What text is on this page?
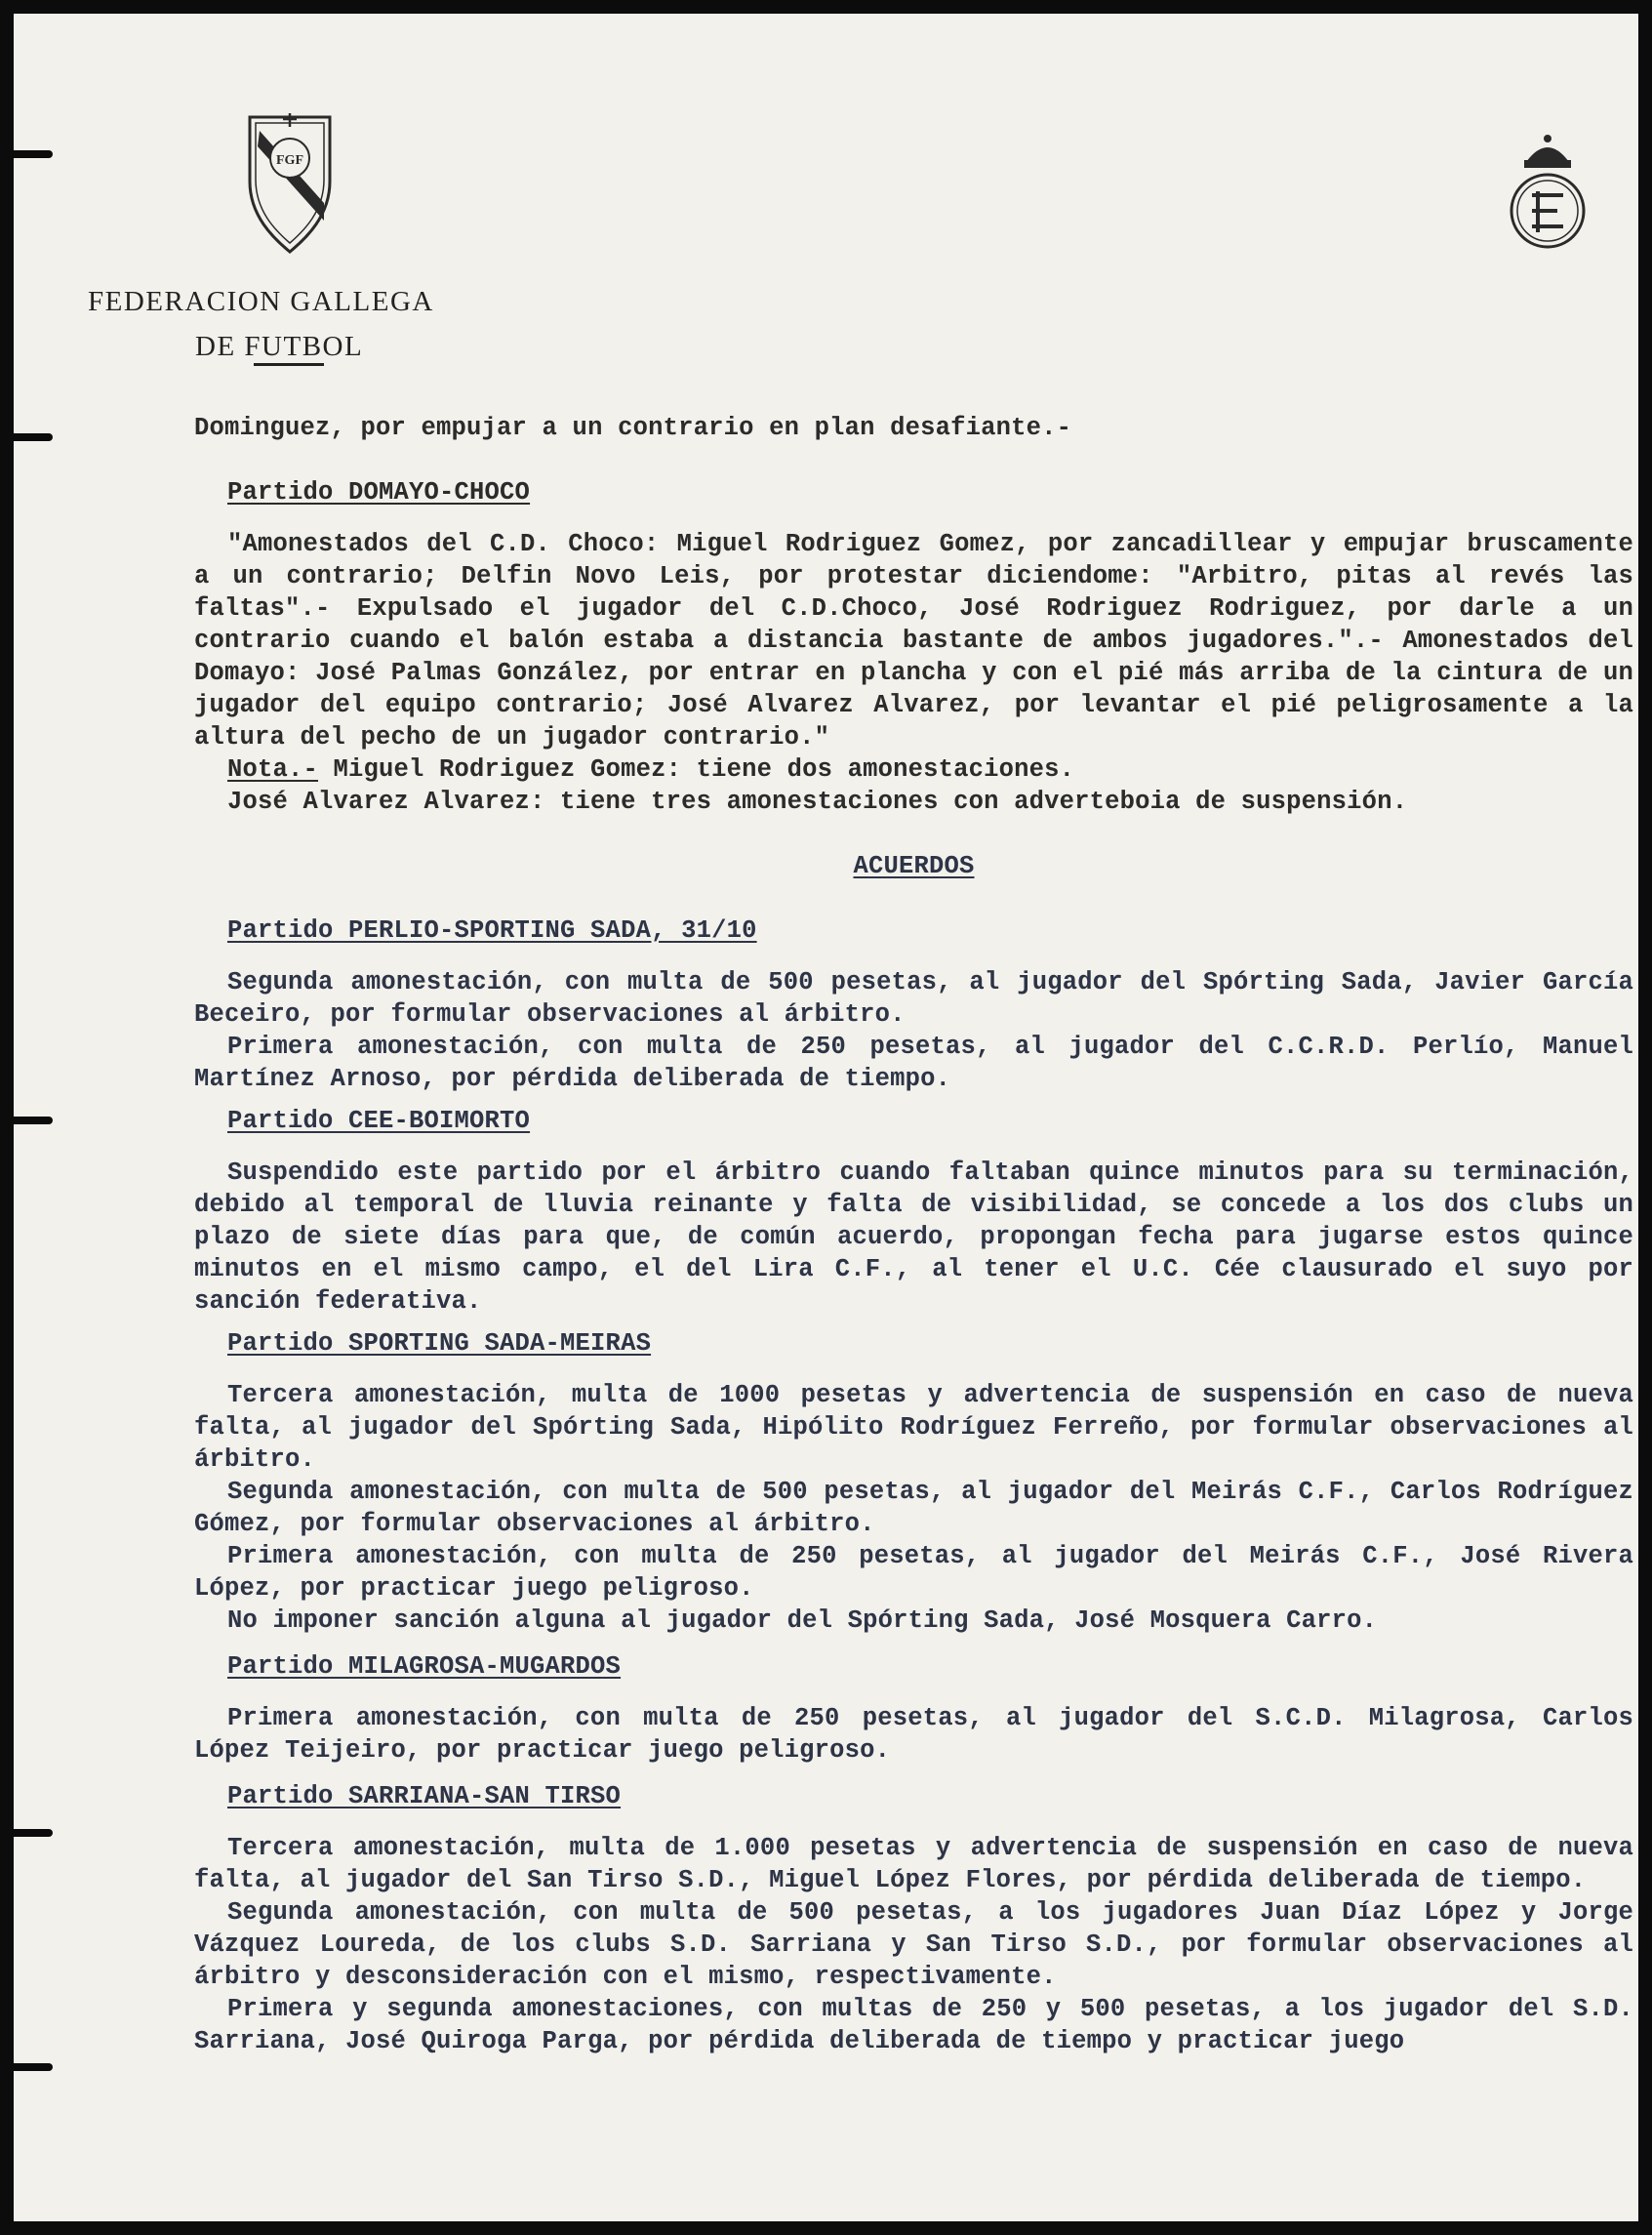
FGF
FEDERACION GALLEGA
DE FUTBOL

Dominguez, por empujar a un contrario en plan desafiante.-

Partido DOMAYO-CHOCO

"Amonestados del C.D. Choco: Miguel Rodriguez Gomez, por zancadillear y empujar bruscamente a un contrario; Delfin Novo Leis, por protestar diciendome: "Arbitro, pitas al revés las faltas".- Expulsado el jugador del C.D.Choco, José Rodriguez Rodriguez, por darle a un contrario cuando el balón estaba a distancia bastante de ambos jugadores.".- Amonestados del Domayo: José Palmas González, por entrar en plancha y con el pié más arriba de la cintura de un jugador del equipo contrario; José Alvarez Alvarez, por levantar el pié peligrosamente a la altura del pecho de un jugador contrario."

Nota.- Miguel Rodriguez Gomez: tiene dos amonestaciones.

José Alvarez Alvarez: tiene tres amonestaciones con adverteboia de suspensión.

ACUERDOS

Partido PERLIO-SPORTING SADA, 31/10

Segunda amonestación, con multa de 500 pesetas, al jugador del Spórting Sada, Javier García Beceiro, por formular observaciones al árbitro.

Primera amonestación, con multa de 250 pesetas, al jugador del C.C.R.D. Perlío, Manuel Martínez Arnoso, por pérdida deliberada de tiempo.

Partido CEE-BOIMORTO

Suspendido este partido por el árbitro cuando faltaban quince minutos para su terminación, debido al temporal de lluvia reinante y falta de visibilidad, se concede a los dos clubs un plazo de siete días para que, de común acuerdo, propongan fecha para jugarse estos quince minutos en el mismo campo, el del Lira C.F., al tener el U.C. Cée clausurado el suyo por sanción federativa.

Partido SPORTING SADA-MEIRAS

Tercera amonestación, multa de 1000 pesetas y advertencia de suspensión en caso de nueva falta, al jugador del Spórting Sada, Hipólito Rodríguez Ferreño, por formular observaciones al árbitro.

Segunda amonestación, con multa de 500 pesetas, al jugador del Meirás C.F., Carlos Rodríguez Gómez, por formular observaciones al árbitro.

Primera amonestación, con multa de 250 pesetas, al jugador del Meirás C.F., José Rivera López, por practicar juego peligroso.

No imponer sanción alguna al jugador del Spórting Sada, José Mosquera Carro.

Partido MILAGROSA-MUGARDOS

Primera amonestación, con multa de 250 pesetas, al jugador del S.C.D. Milagrosa, Carlos López Teijeiro, por practicar juego peligroso.

Partido SARRIANA-SAN TIRSO

Tercera amonestación, multa de 1.000 pesetas y advertencia de suspensión en caso de nueva falta, al jugador del San Tirso S.D., Miguel López Flores, por pérdida deliberada de tiempo.

Segunda amonestación, con multa de 500 pesetas, a los jugadores Juan Díaz López y Jorge Vázquez Loureda, de los clubs S.D. Sarriana y San Tirso S.D., por formular observaciones al árbitro y desconsideración con el mismo, respectivamente.

Primera y segunda amonestaciones, con multas de 250 y 500 pesetas, a los jugador del S.D. Sarriana, José Quiroga Parga, por pérdida deliberada de tiempo y practicar juego
